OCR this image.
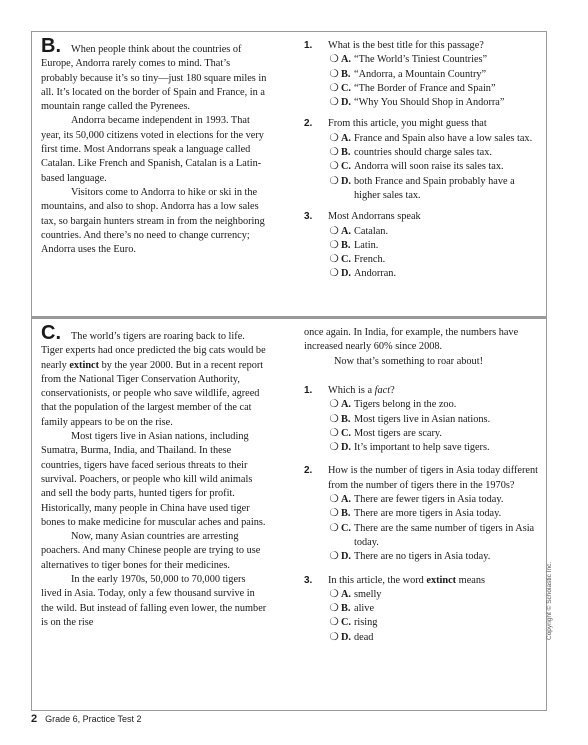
B. When people think about the countries of Europe, Andorra rarely comes to mind. That’s probably because it’s so tiny—just 180 square miles in all. It’s located on the border of Spain and France, in a mountain range called the Pyrenees.

Andorra became independent in 1993. That year, its 50,000 citizens voted in elections for the very first time. Most Andorrans speak a language called Catalan. Like French and Spanish, Catalan is a Latin-based language.

Visitors come to Andorra to hike or ski in the mountains, and also to shop. Andorra has a low sales tax, so bargain hunters stream in from the neighboring countries. And there’s no need to change currency; Andorra uses the Euro.

1. What is the best title for this passage?

❍ A. “The World’s Tiniest Countries”
❍ B. “Andorra, a Mountain Country”
❍ C. “The Border of France and Spain”
❍ D. “Why You Should Shop in Andorra”
2. From this article, you might guess that

❍ A. France and Spain also have a low sales tax.
❍ B. countries should charge sales tax.
❍ C. Andorra will soon raise its sales tax.
❍ D. both France and Spain probably have a higher sales tax.
3. Most Andorrans speak

❍ A. Catalan.
❍ B. Latin.
❍ C. French.
❍ D. Andorran.

C. The world’s tigers are roaring back to life. Tiger experts had once predicted the big cats would be nearly extinct by the year 2000. But in a recent report from the National Tiger Conservation Authority, conservationists, or people who save wildlife, agreed that the population of the largest member of the cat family appears to be on the rise.

Most tigers live in Asian nations, including Sumatra, Burma, India, and Thailand. In these countries, tigers have faced serious threats to their survival. Poachers, or people who kill wild animals and sell the body parts, hunted tigers for profit. Historically, many people in China have used tiger bones to make medicine for muscular aches and pains.

Now, many Asian countries are arresting poachers. And many Chinese people are trying to use alternatives to tiger bones for their medicines.

In the early 1970s, 50,000 to 70,000 tigers lived in Asia. Today, only a few thousand survive in the wild. But instead of falling even lower, the number is on the rise

once again. In India, for example, the numbers have increased nearly 60% since 2008.

Now that’s something to roar about!

1. Which is a fact?

❍ A. Tigers belong in the zoo.
❍ B. Most tigers live in Asian nations.
❍ C. Most tigers are scary.
❍ D. It’s important to help save tigers.
2. How is the number of tigers in Asia today different from the number of tigers there in the 1970s?

❍ A. There are fewer tigers in Asia today.
❍ B. There are more tigers in Asia today.
❍ C. There are the same number of tigers in Asia today.
❍ D. There are no tigers in Asia today.
3. In this article, the word extinct means

❍ A. smelly
❍ B. alive
❍ C. rising
❍ D. dead	Copyright © Scholastic Inc.
2 Grade 6, Practice Test 2
